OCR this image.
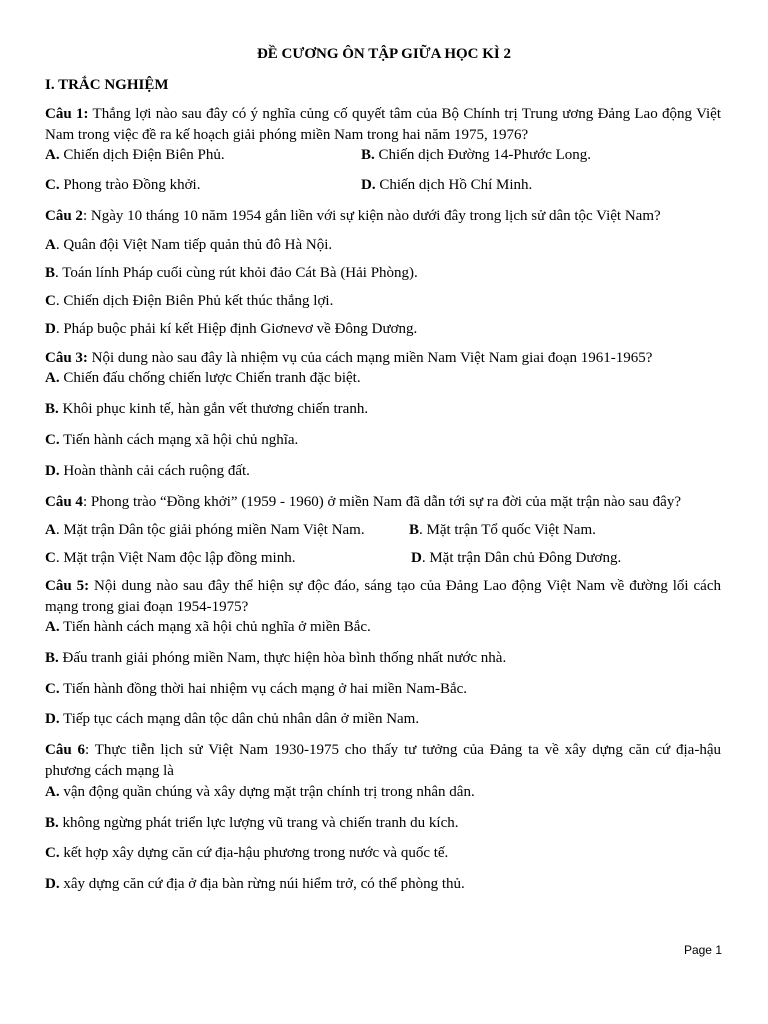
ĐỀ CƯƠNG ÔN TẬP GIỮA HỌC KÌ 2
I. TRẮC NGHIỆM
Câu 1: Thắng lợi nào sau đây có ý nghĩa củng cố quyết tâm của Bộ Chính trị Trung ương Đảng Lao động Việt Nam trong việc đề ra kế hoạch giải phóng miền Nam trong hai năm 1975, 1976?
A. Chiến dịch Điện Biên Phủ.	B. Chiến dịch Đường 14-Phước Long.
C. Phong trào Đồng khởi.	D. Chiến dịch Hồ Chí Minh.
Câu 2: Ngày 10 tháng 10 năm 1954 gắn liền với sự kiện nào dưới đây trong lịch sử dân tộc Việt Nam?
A. Quân đội Việt Nam tiếp quản thủ đô Hà Nội.
B. Toán lính Pháp cuối cùng rút khỏi đảo Cát Bà (Hải Phòng).
C. Chiến dịch Điện Biên Phủ kết thúc thắng lợi.
D. Pháp buộc phải kí kết Hiệp định Giơnevơ về Đông Dương.
Câu 3: Nội dung nào sau đây là nhiệm vụ của cách mạng miền Nam Việt Nam giai đoạn 1961-1965?
A. Chiến đấu chống chiến lược Chiến tranh đặc biệt.
B. Khôi phục kinh tế, hàn gắn vết thương chiến tranh.
C. Tiến hành cách mạng xã hội chủ nghĩa.
D. Hoàn thành cải cách ruộng đất.
Câu 4: Phong trào “Đồng khởi” (1959 - 1960) ở miền Nam đã dẫn tới sự ra đời của mặt trận nào sau đây?
A. Mặt trận Dân tộc giải phóng miền Nam Việt Nam.	B. Mặt trận Tổ quốc Việt Nam.
C. Mặt trận Việt Nam độc lập đồng minh.	D. Mặt trận Dân chủ Đông Dương.
Câu 5: Nội dung nào sau đây thể hiện sự độc đáo, sáng tạo của Đảng Lao động Việt Nam về đường lối cách mạng trong giai đoạn 1954-1975?
A. Tiến hành cách mạng xã hội chủ nghĩa ở miền Bắc.
B. Đấu tranh giải phóng miền Nam, thực hiện hòa bình thống nhất nước nhà.
C. Tiến hành đồng thời hai nhiệm vụ cách mạng ở hai miền Nam-Bắc.
D. Tiếp tục cách mạng dân tộc dân chủ nhân dân ở miền Nam.
Câu 6: Thực tiễn lịch sử Việt Nam 1930-1975 cho thấy tư tưởng của Đảng ta về xây dựng căn cứ địa-hậu phương cách mạng là
A. vận động quần chúng và xây dựng mặt trận chính trị trong nhân dân.
B. không ngừng phát triển lực lượng vũ trang và chiến tranh du kích.
C. kết hợp xây dựng căn cứ địa-hậu phương trong nước và quốc tế.
D. xây dựng căn cứ địa ở địa bàn rừng núi hiểm trở, có thể phòng thủ.
Page 1
